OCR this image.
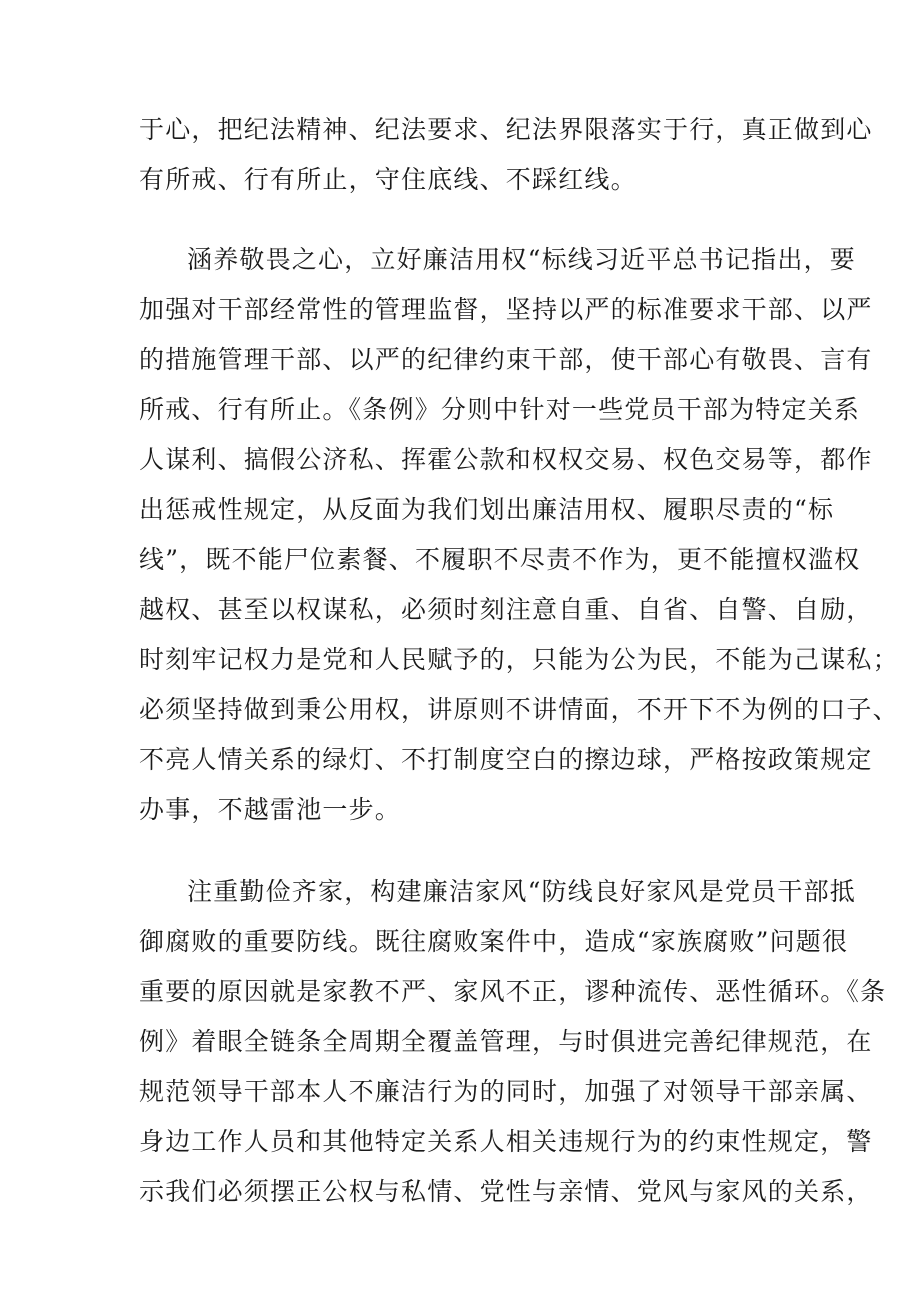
于心，把纪法精神、纪法要求、纪法界限落实于行，真正做到心
有所戒、行有所止，守住底线、不踩红线。
涵养敬畏之心，立好廉洁用权“标线习近平总书记指出，要
加强对干部经常性的管理监督，坚持以严的标准要求干部、以严
的措施管理干部、以严的纪律约束干部，使干部心有敬畏、言有
所戒、行有所止。《条例》分则中针对一些党员干部为特定关系
人谋利、搞假公济私、挥霍公款和权权交易、权色交易等，都作
出惩戒性规定，从反面为我们划出廉洁用权、履职尽责的“标
线”，既不能尸位素餐、不履职不尽责不作为，更不能擅权滥权
越权、甚至以权谋私，必须时刻注意自重、自省、自警、自励，
时刻牢记权力是党和人民赋予的，只能为公为民，不能为己谋私；
必须坚持做到秉公用权，讲原则不讲情面，不开下不为例的口子、
不亮人情关系的绿灯、不打制度空白的擦边球，严格按政策规定
办事，不越雷池一步。
注重勤俭齐家，构建廉洁家风“防线良好家风是党员干部抵
御腐败的重要防线。既往腐败案件中，造成“家族腐败”问题很
重要的原因就是家教不严、家风不正，谬种流传、恶性循环。《条
例》着眼全链条全周期全覆盖管理，与时俱进完善纪律规范，在
规范领导干部本人不廉洁行为的同时，加强了对领导干部亲属、
身边工作人员和其他特定关系人相关违规行为的约束性规定，警
示我们必须摆正公权与私情、党性与亲情、党风与家风的关系，
